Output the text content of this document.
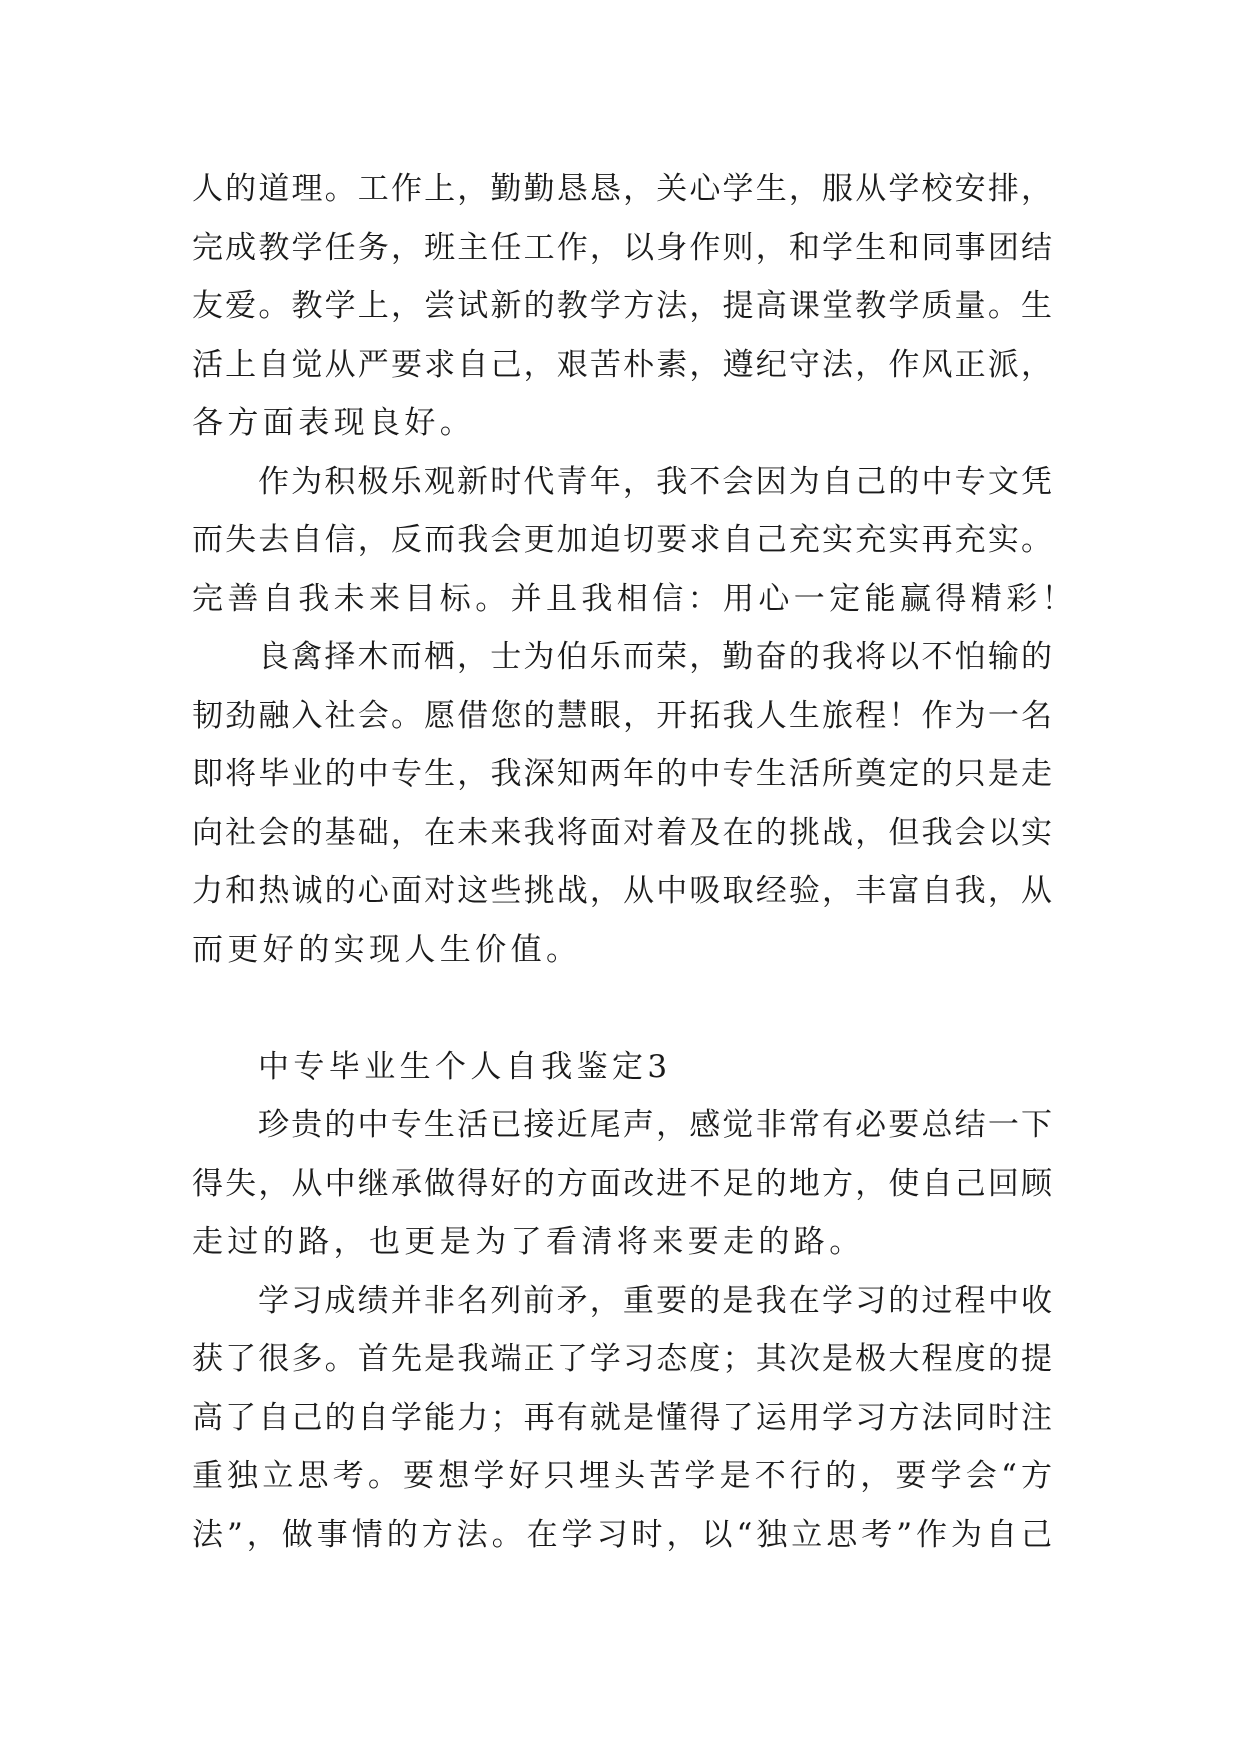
人的道理。工作上，勤勤恳恳，关心学生，服从学校安排，
完成教学任务，班主任工作，以身作则，和学生和同事团结
友爱。教学上，尝试新的教学方法，提高课堂教学质量。生
活上自觉从严要求自己，艰苦朴素，遵纪守法，作风正派，
各方面表现良好。
作为积极乐观新时代青年，我不会因为自己的中专文凭
而失去自信，反而我会更加迫切要求自己充实充实再充实。
完善自我未来目标。并且我相信：用心一定能赢得精彩！
良禽择木而栖，士为伯乐而荣，勤奋的我将以不怕输的
韧劲融入社会。愿借您的慧眼，开拓我人生旅程！作为一名
即将毕业的中专生，我深知两年的中专生活所奠定的只是走
向社会的基础，在未来我将面对着及在的挑战，但我会以实
力和热诚的心面对这些挑战，从中吸取经验，丰富自我，从
而更好的实现人生价值。
中专毕业生个人自我鉴定3
珍贵的中专生活已接近尾声，感觉非常有必要总结一下
得失，从中继承做得好的方面改进不足的地方，使自己回顾
走过的路，也更是为了看清将来要走的路。
学习成绩并非名列前矛，重要的是我在学习的过程中收
获了很多。首先是我端正了学习态度；其次是极大程度的提
高了自己的自学能力；再有就是懂得了运用学习方法同时注
重独立思考。要想学好只埋头苦学是不行的，要学会“方
法”，做事情的方法。在学习时，以“独立思考”作为自己
